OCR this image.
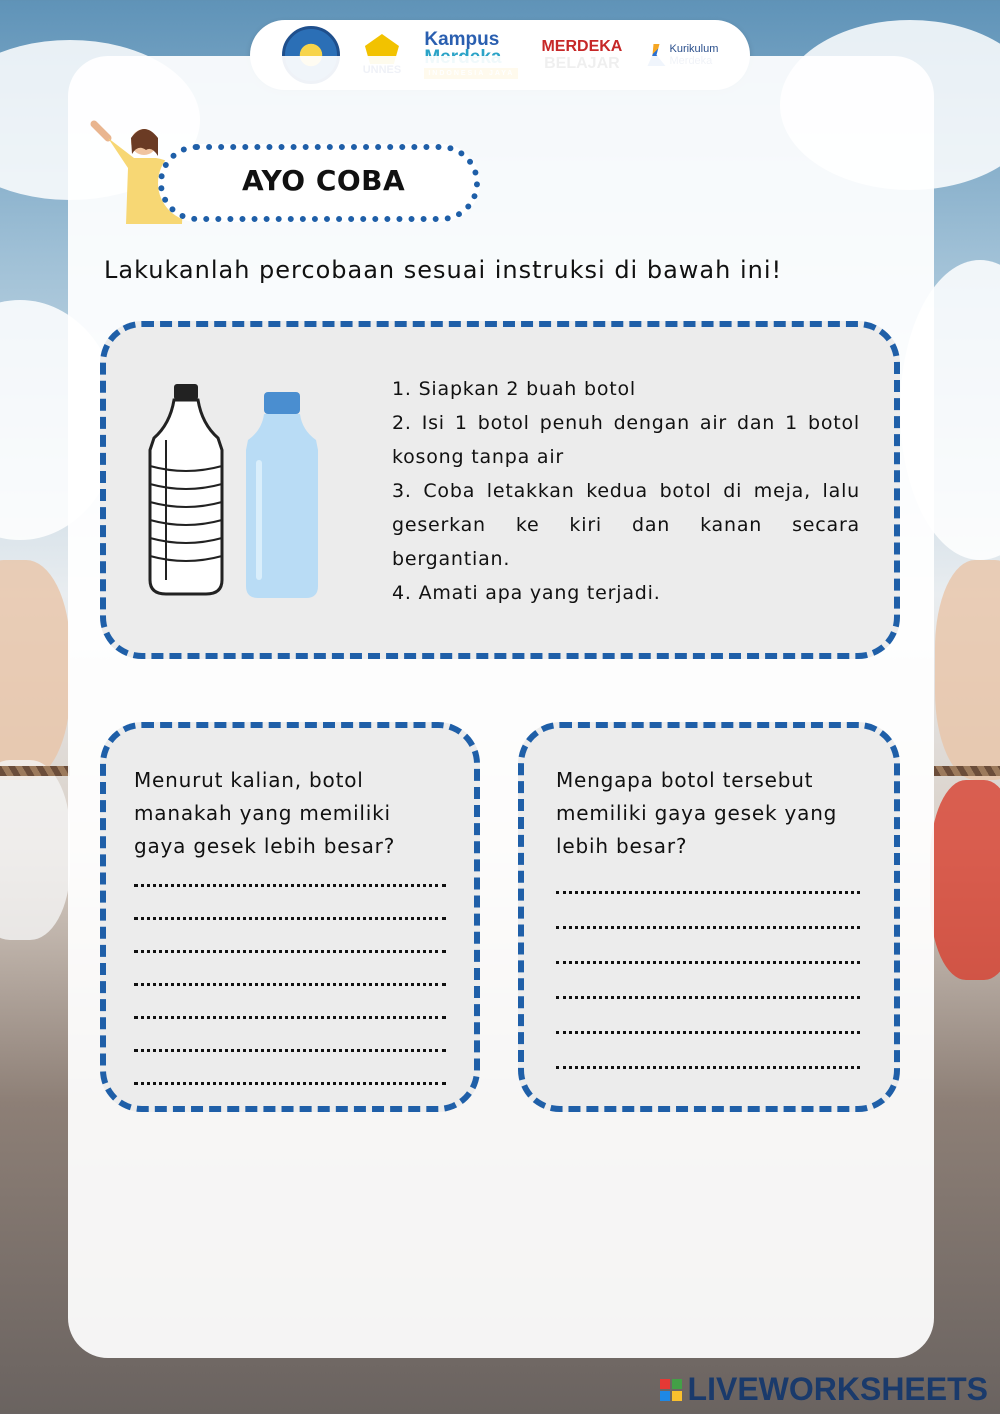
Kampus	MERDEKA	Kurikulum
AYO COBA
Lakukanlah percobaan sesuai instruksi di bawah ini!

1. Siapkan 2 buah botol

2. Isi 1 botol penuh dengan air dan 1 botol kosong tanpa air

3. Coba letakkan kedua botol di meja, lalu geserkan ke kiri dan kanan secara bergantian.

4. Amati apa yang terjadi.

Menurut kalian, botol manakah yang memiliki gaya gesek lebih besar?
Mengapa botol tersebut memiliki gaya gesek yang lebih besar?
LIVEWORKSHEETS
